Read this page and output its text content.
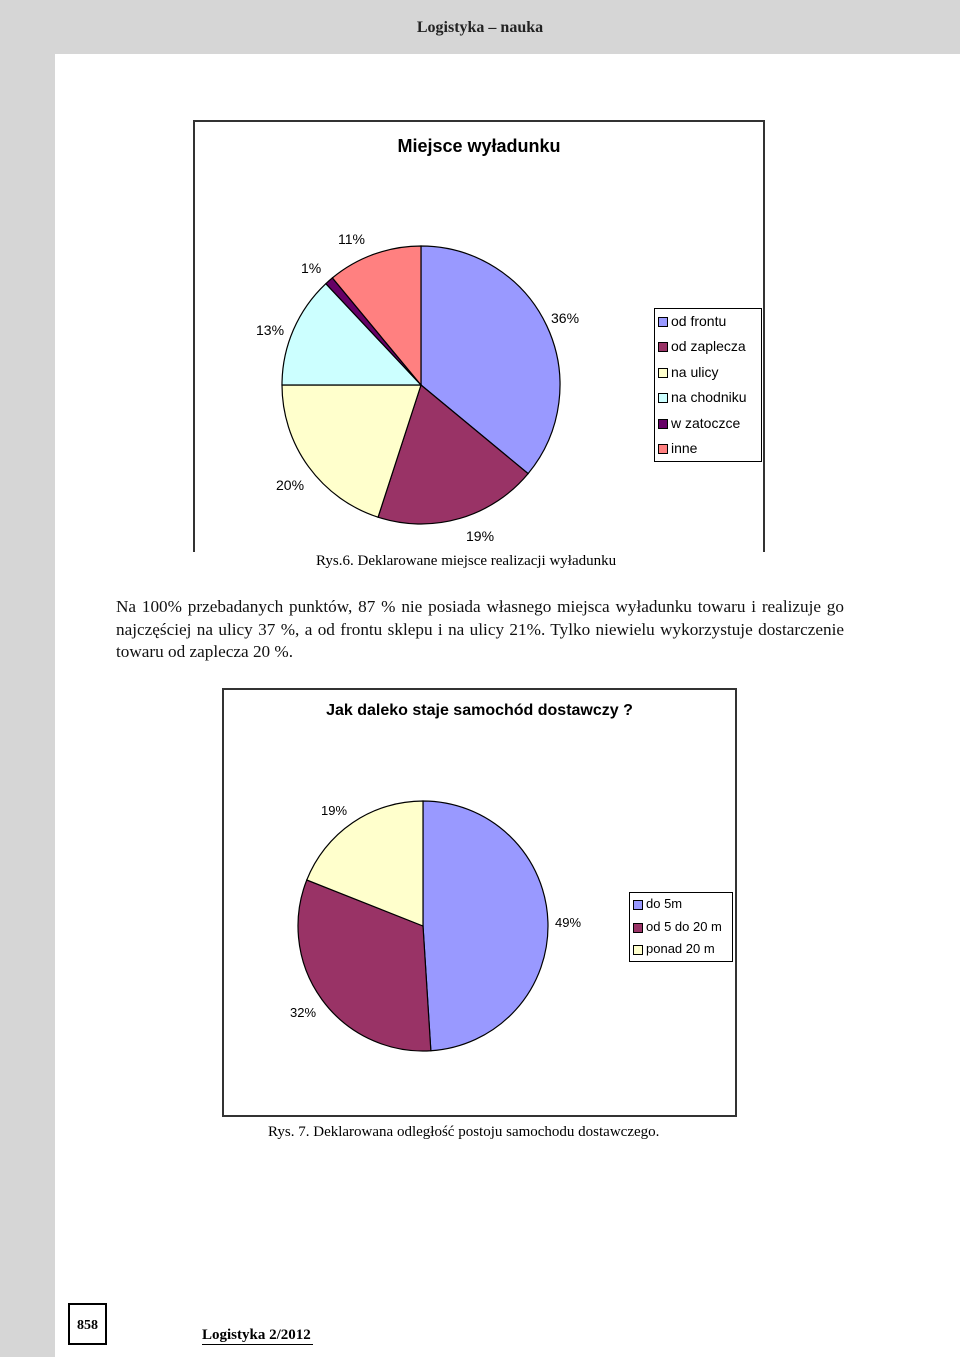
Logistyka – nauka
Miejsce wyładunku
36%
19%
20%
13%
1%
11%
od frontu
od zaplecza
na ulicy
na chodniku
w zatoczce
inne
Rys.6. Deklarowane miejsce realizacji wyładunku
Na 100% przebadanych punktów, 87 % nie posiada własnego miejsca wyładunku towaru i realizuje go najczęściej na ulicy 37 %, a od frontu sklepu i na ulicy 21%. Tylko niewielu wykorzystuje dostarczenie towaru od zaplecza 20 %.
Jak daleko staje samochód dostawczy ?
49%
32%
19%
do 5m
od 5 do 20 m
ponad 20 m
Rys. 7. Deklarowana odległość postoju samochodu dostawczego.
858
Logistyka 2/2012
